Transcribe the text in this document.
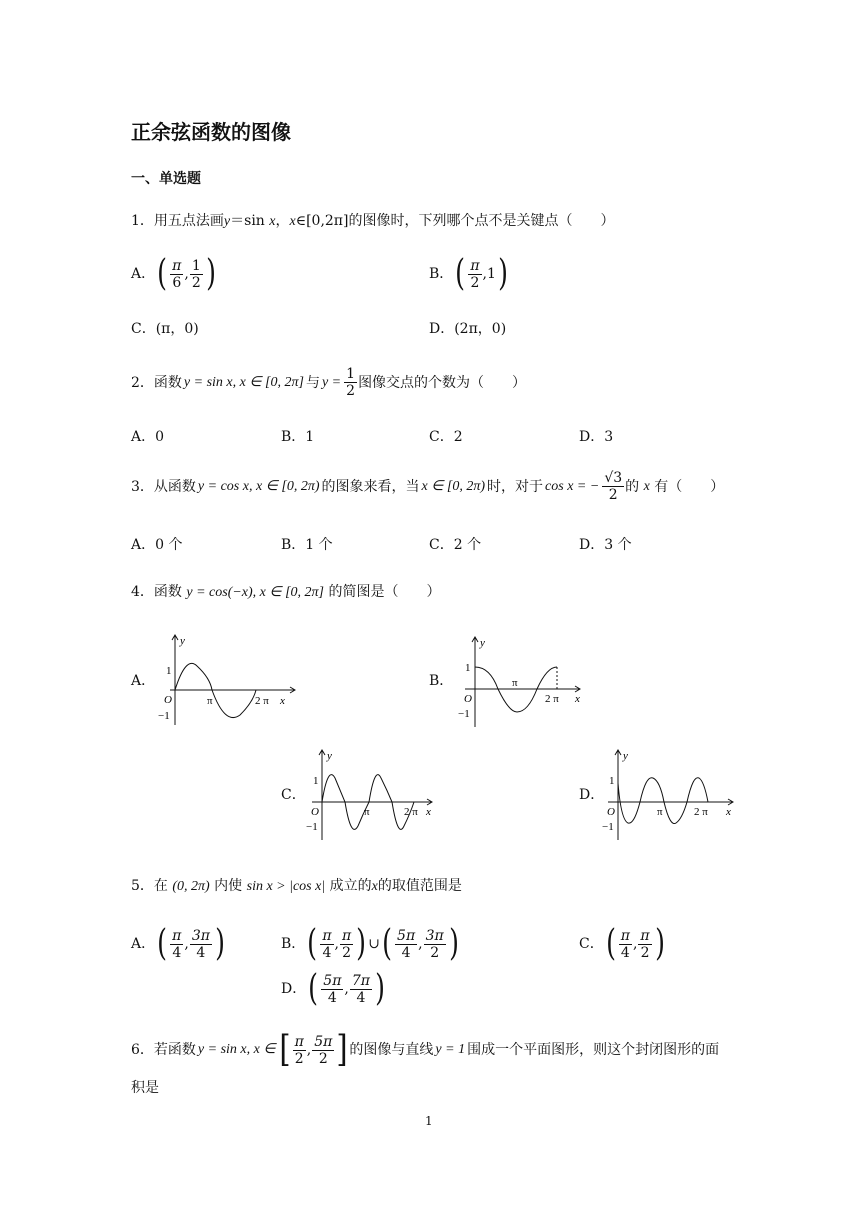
正余弦函数的图像
一、单选题
1．用五点法画y＝sin x，x∈[0,2π]的图像时，下列哪个点不是关键点（　　）
A． ( $\frac{\pi}{6}$ , $\frac{1}{2}$ )	B． ( $\frac{\pi}{2} ,1$ )
C．(π，0)	D．(2π，0)
2．函数 y = sin x, x ∈ [0, 2π] 与 $y = \frac{1}{2}$ 图像交点的个数为（　　）
A．0	B．1	C．2	D．3
3．从函数 y = cos x, x ∈ [0, 2π) 的图象来看，当 x ∈ [0, 2π) 时，对于 cos x = − $\frac{√3}{2}$ 的
x
有（　　）
A．0 个	B．1 个	C．2 个	D．3 个
4．函数 y = cos(−x), x ∈ [0, 2π] 的简图是（　　）
A．	B．
C．	D．
y
x
O
1
−1
π	2 π
y
x
O
1
−1
π
2 π
y
x
O
1
−1
π	2 π
y
x
O
1
−1
π	2 π
5．在 (0, 2π) 内使 sin x > |cos x| 成立的x的取值范围是
A． ( $\frac{\pi}{4}$ , $\frac{3\pi}{4}$ )	B． ( $\frac{\pi}{4}$ , $\frac{\pi}{2}$ ) ∪ ( $\frac{5\pi}{4}$ , $\frac{3\pi}{2}$ )	C． ( $\frac{\pi}{4}$ , $\frac{\pi}{2}$ )
D． ( $\frac{5\pi}{4}$ , $\frac{7\pi}{4}$ )
6．若函数 y = sin x, x ∈ [ $\frac{\pi}{2}$ , $\frac{5\pi}{2}$ ] 的图像与直线 y = 1 围成一个平面图形，则这个封闭图形的面
积是
1
